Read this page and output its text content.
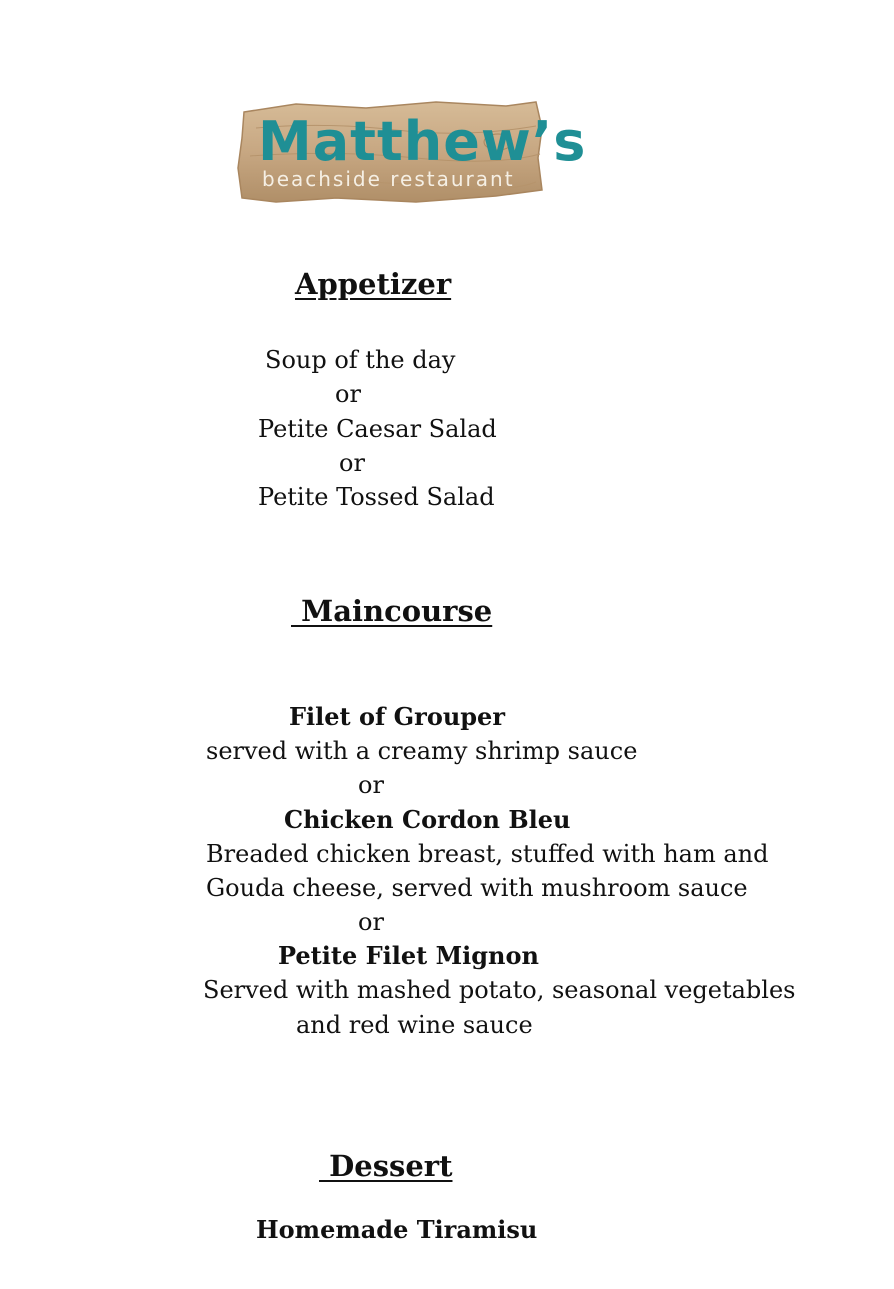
Matthew’s
beachside restaurant
Appetizer
Soup of the day
or
Petite Caesar Salad
or
Petite Tossed Salad
Maincourse
Filet of Grouper
served with a creamy shrimp sauce
or
Chicken Cordon Bleu
Breaded chicken breast, stuffed with ham and
Gouda cheese, served with mushroom sauce
or
Petite Filet Mignon
Served with mashed potato, seasonal vegetables
and red wine sauce
Dessert
Homemade Tiramisu
